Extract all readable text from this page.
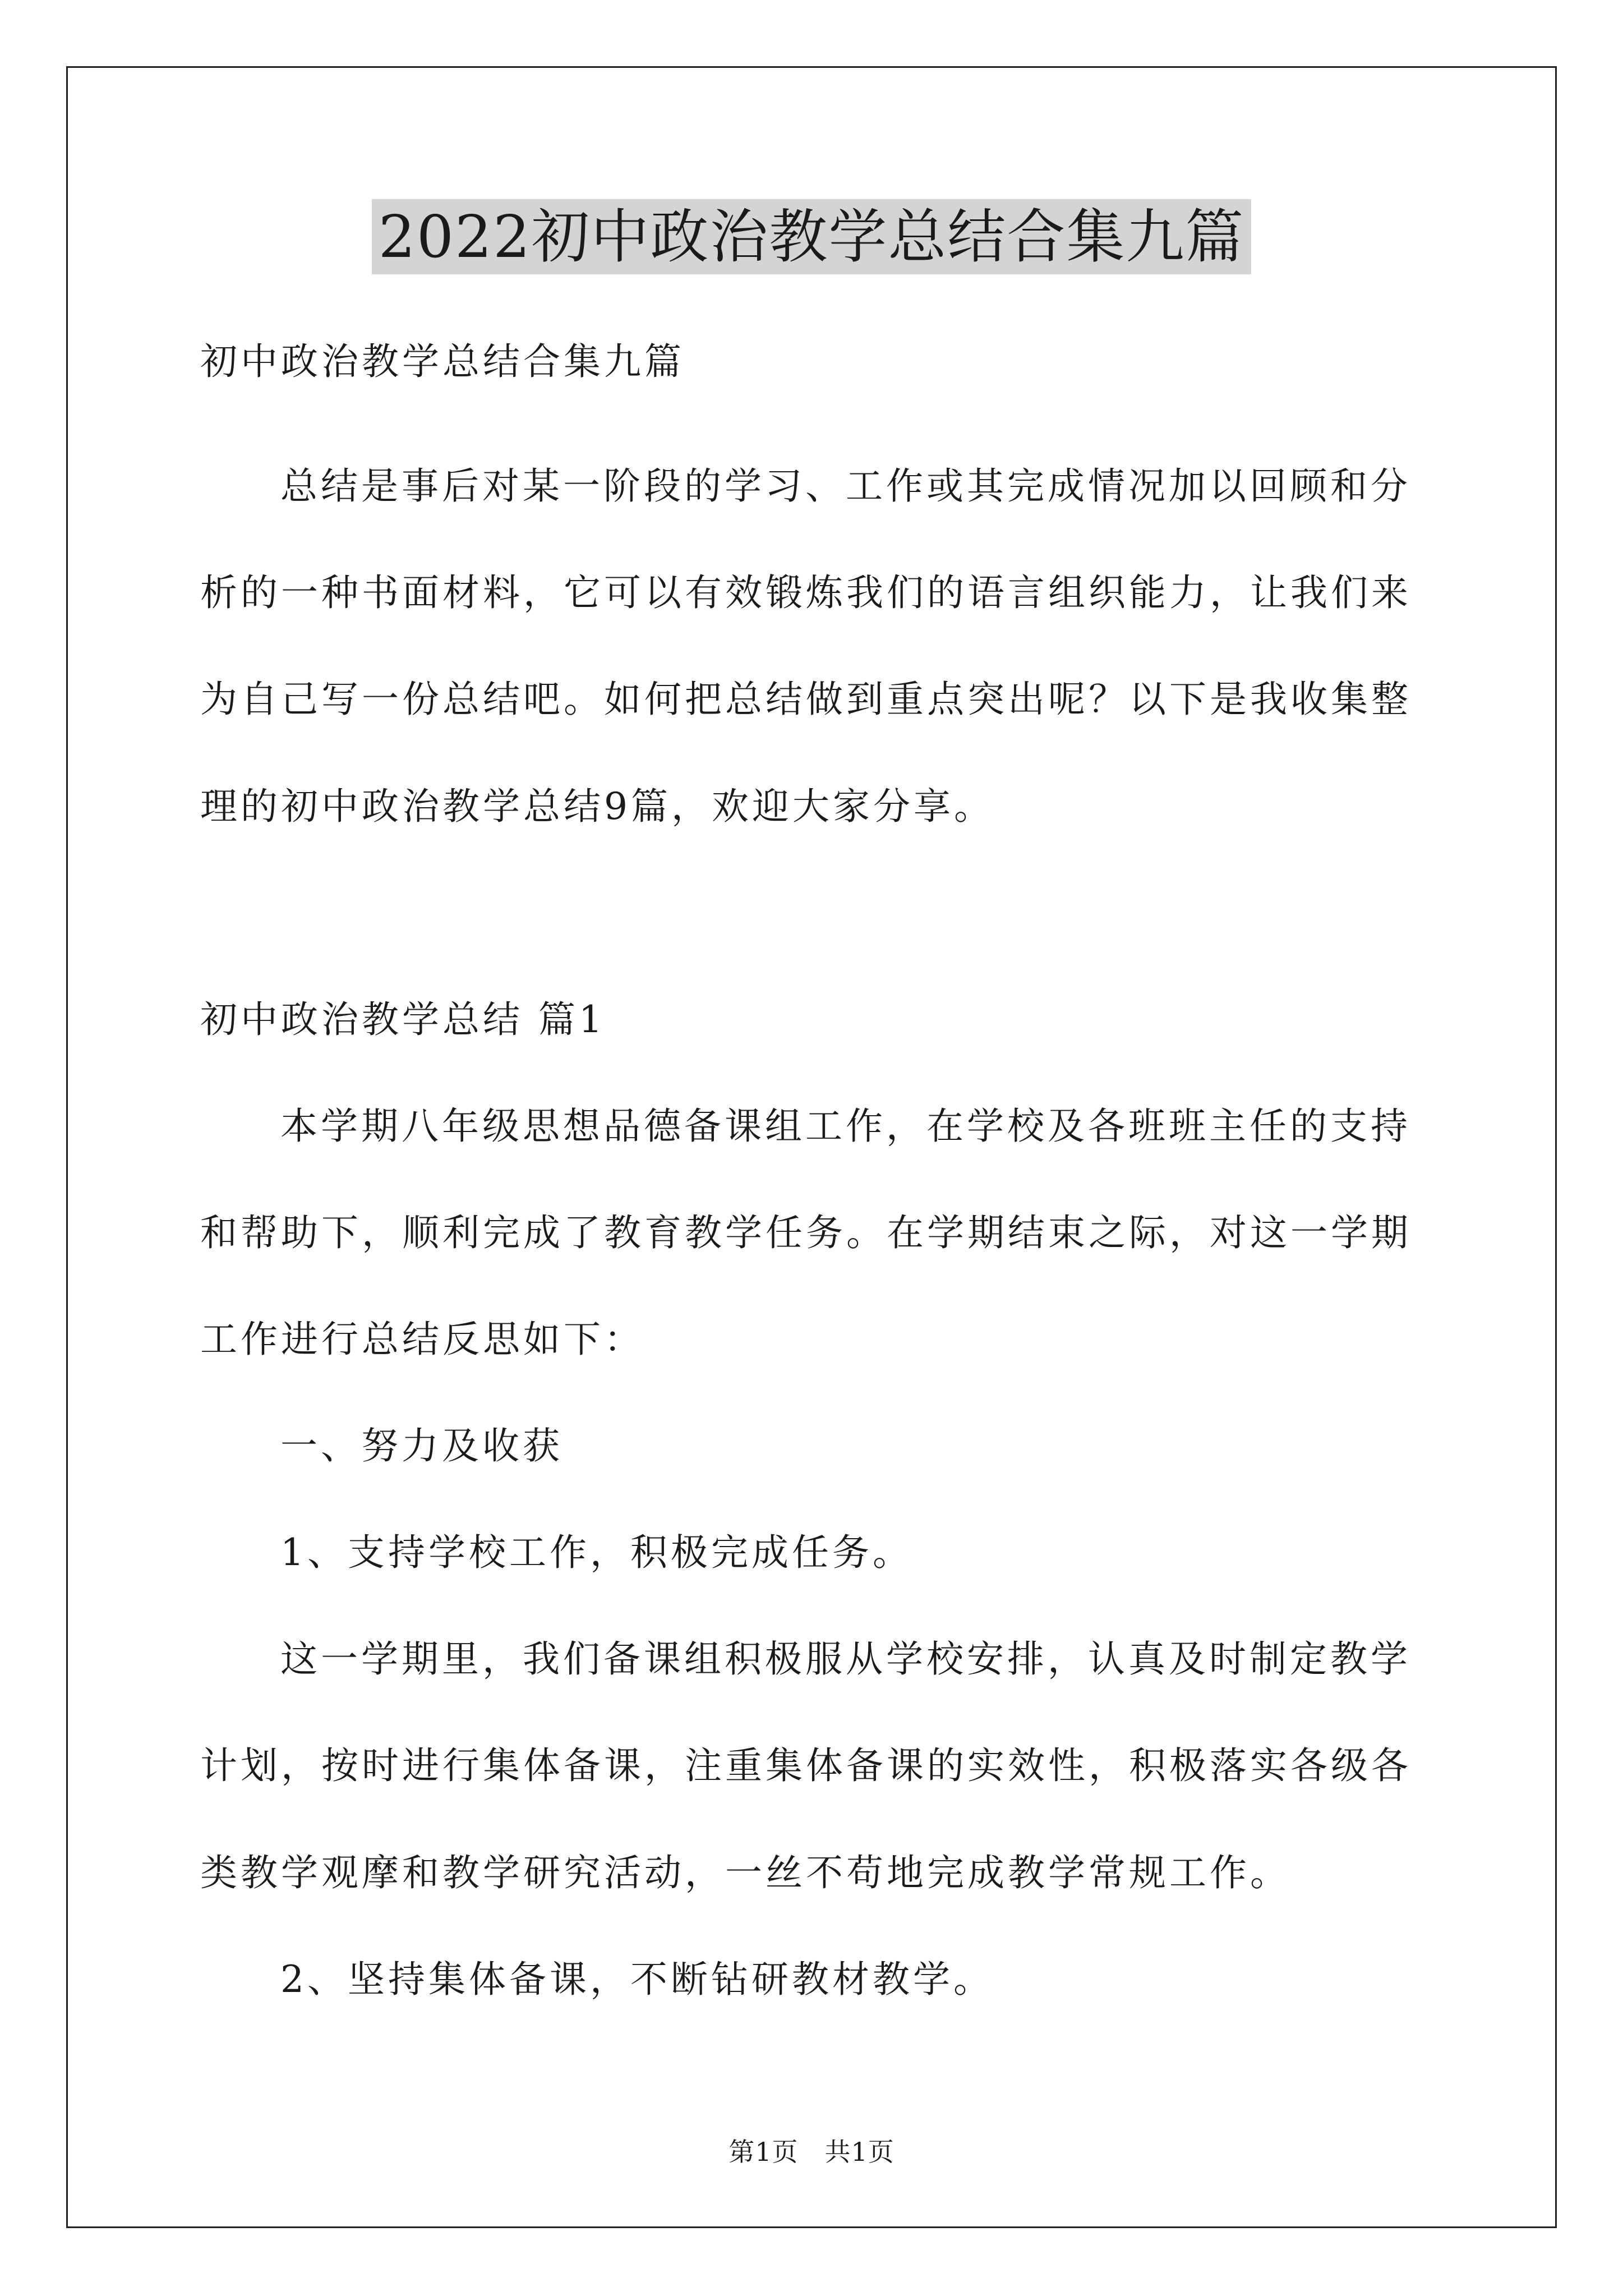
2022初中政治教学总结合集九篇
初中政治教学总结合集九篇
总结是事后对某一阶段的学习、工作或其完成情况加以回顾和分
析的一种书面材料，它可以有效锻炼我们的语言组织能力，让我们来
为自己写一份总结吧。如何把总结做到重点突出呢？以下是我收集整
理的初中政治教学总结9篇，欢迎大家分享。
初中政治教学总结 篇1
本学期八年级思想品德备课组工作，在学校及各班班主任的支持
和帮助下，顺利完成了教育教学任务。在学期结束之际，对这一学期
工作进行总结反思如下：
一、努力及收获
1、支持学校工作，积极完成任务。
这一学期里，我们备课组积极服从学校安排，认真及时制定教学
计划，按时进行集体备课，注重集体备课的实效性，积极落实各级各
类教学观摩和教学研究活动，一丝不苟地完成教学常规工作。
2、坚持集体备课，不断钻研教材教学。
第1页　共1页
